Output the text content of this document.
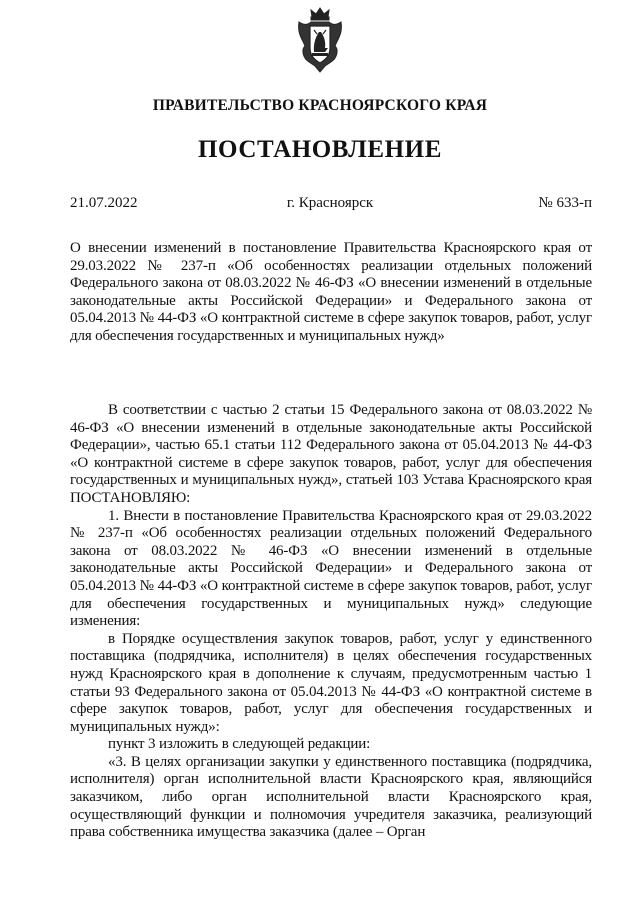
ПРАВИТЕЛЬСТВО КРАСНОЯРСКОГО КРАЯ
ПОСТАНОВЛЕНИЕ
21.07.2022	г. Красноярск	№ 633-п
О внесении изменений в постановление Правительства Красноярского края от 29.03.2022 № 237-п «Об особенностях реализации отдельных положений Федерального закона от 08.03.2022 № 46-ФЗ «О внесении изменений в отдельные законодательные акты Российской Федерации» и Федерального закона от 05.04.2013 № 44-ФЗ «О контрактной системе в сфере закупок товаров, работ, услуг для обеспечения государственных и муниципальных нужд»

В соответствии с частью 2 статьи 15 Федерального закона от 08.03.2022 № 46-ФЗ «О внесении изменений в отдельные законодательные акты Российской Федерации», частью 65.1 статьи 112 Федерального закона от 05.04.2013 № 44-ФЗ «О контрактной системе в сфере закупок товаров, работ, услуг для обеспечения государственных и муниципальных нужд», статьей 103 Устава Красноярского края ПОСТАНОВЛЯЮ:

1. Внести в постановление Правительства Красноярского края от 29.03.2022 № 237-п «Об особенностях реализации отдельных положений Федерального закона от 08.03.2022 № 46-ФЗ «О внесении изменений в отдельные законодательные акты Российской Федерации» и Федерального закона от 05.04.2013 № 44-ФЗ «О контрактной системе в сфере закупок товаров, работ, услуг для обеспечения государственных и муниципальных нужд» следующие изменения:

в Порядке осуществления закупок товаров, работ, услуг у единственного поставщика (подрядчика, исполнителя) в целях обеспечения государственных нужд Красноярского края в дополнение к случаям, предусмотренным частью 1 статьи 93 Федерального закона от 05.04.2013 № 44-ФЗ «О контрактной системе в сфере закупок товаров, работ, услуг для обеспечения государственных и муниципальных нужд»:

пункт 3 изложить в следующей редакции:

«3. В целях организации закупки у единственного поставщика (подрядчика, исполнителя) орган исполнительной власти Красноярского края, являющийся заказчиком, либо орган исполнительной власти Красноярского края, осуществляющий функции и полномочия учредителя заказчика, реализующий права собственника имущества заказчика (далее – Орган
